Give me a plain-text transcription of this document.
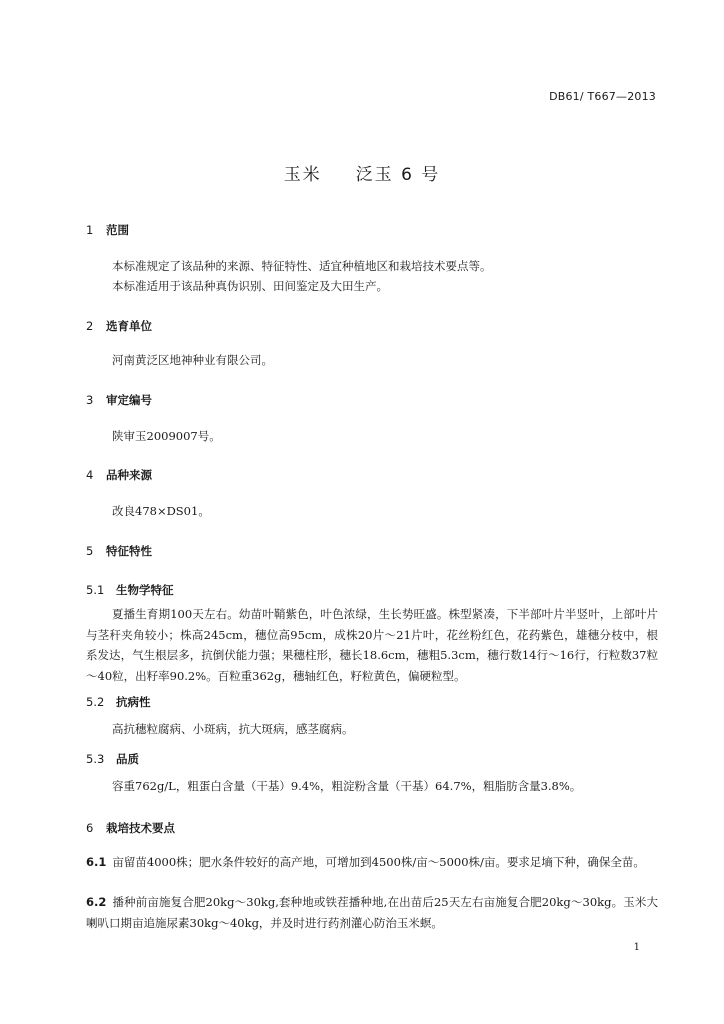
DB61/ T667—2013
玉米 泛玉 6 号
1 范围
本标准规定了该品种的来源、特征特性、适宜种植地区和栽培技术要点等。
本标准适用于该品种真伪识别、田间鉴定及大田生产。
2 选育单位
河南黄泛区地神种业有限公司。
3 审定编号
陕审玉2009007号。
4 品种来源
改良478×DS01。
5 特征特性
5.1 生物学特征
夏播生育期100天左右。幼苗叶鞘紫色，叶色浓绿，生长势旺盛。株型紧凑，下半部叶片半竖叶，上部叶片与茎秆夹角较小；株高245cm，穗位高95cm，成株20片～21片叶，花丝粉红色，花药紫色，雄穗分枝中，根系发达，气生根层多，抗倒伏能力强；果穗柱形，穗长18.6cm，穗粗5.3cm，穗行数14行～16行，行粒数37粒～40粒，出籽率90.2%。百粒重362g，穗轴红色，籽粒黄色，偏硬粒型。
5.2 抗病性
高抗穗粒腐病、小斑病，抗大斑病，感茎腐病。
5.3 品质
容重762g/L，粗蛋白含量（干基）9.4%，粗淀粉含量（干基）64.7%，粗脂肪含量3.8%。
6 栽培技术要点
6.1 亩留苗4000株；肥水条件较好的高产地，可增加到4500株/亩～5000株/亩。要求足墒下种，确保全苗。
6.2 播种前亩施复合肥20kg～30kg,套种地或铁茬播种地,在出苗后25天左右亩施复合肥20kg～30kg。玉米大喇叭口期亩追施尿素30kg～40kg，并及时进行药剂灌心防治玉米螟。
1
